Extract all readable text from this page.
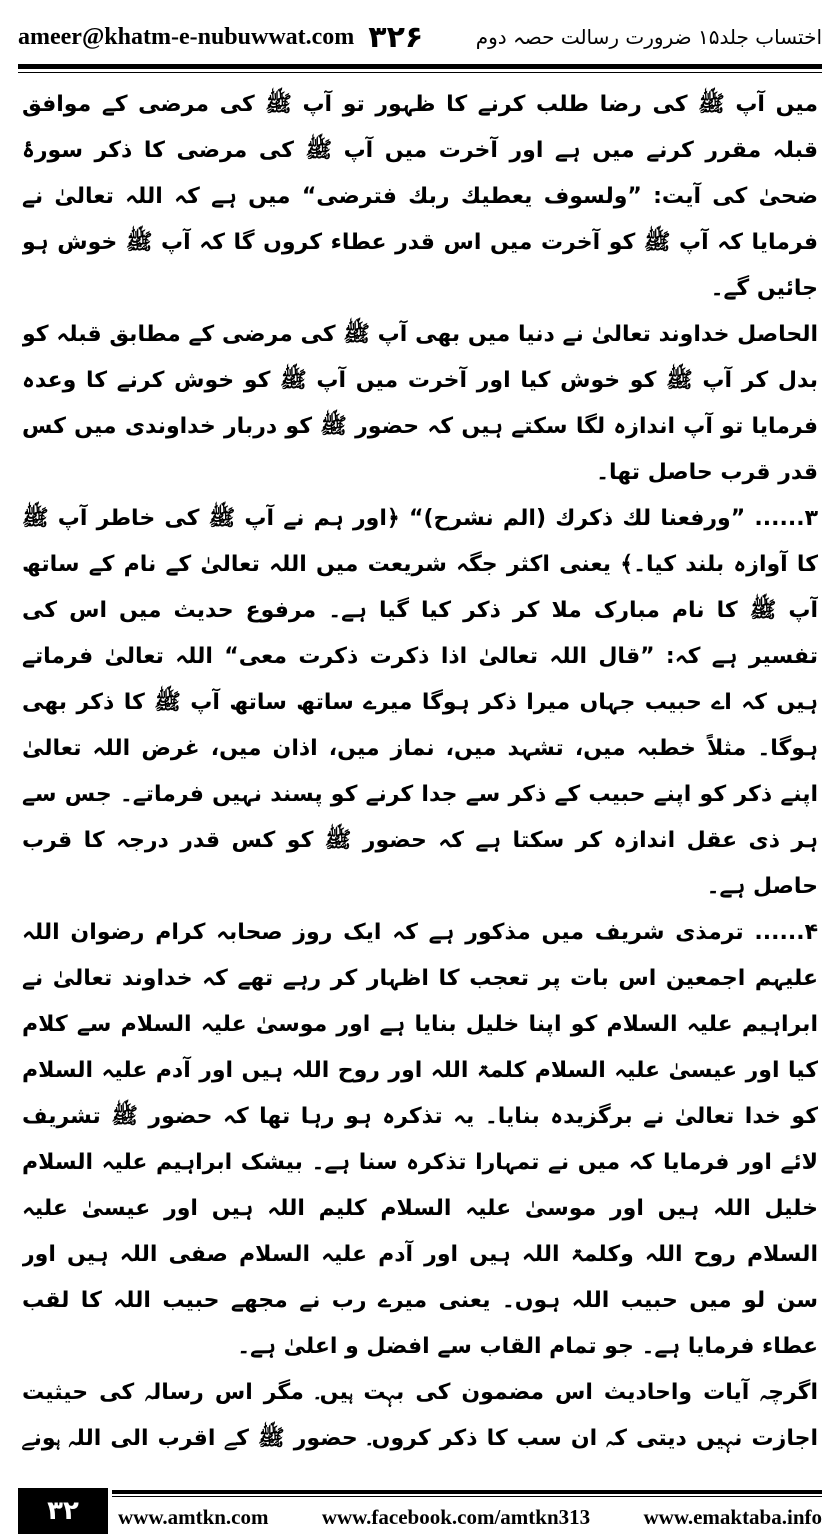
ameer@khatm-e-nubuwwat.com ۳۲۶	اختساب جلد۱۵ ضرورت رسالت حصہ دوم

میں آپ ﷺ کی رضا طلب کرنے کا ظہور تو آپ ﷺ کی مرضی کے موافق قبلہ مقرر کرنے میں ہے اور آخرت میں آپ ﷺ کی مرضی کا ذکر سورۂ ضحیٰ کی آیت: ”ولسوف یعطیك ربك فترضی“ میں ہے کہ اللہ تعالیٰ نے فرمایا کہ آپ ﷺ کو آخرت میں اس قدر عطاء کروں گا کہ آپ ﷺ خوش ہو جائیں گے۔

الحاصل خداوند تعالیٰ نے دنیا میں بھی آپ ﷺ کی مرضی کے مطابق قبلہ کو بدل کر آپ ﷺ کو خوش کیا اور آخرت میں آپ ﷺ کو خوش کرنے کا وعدہ فرمایا تو آپ اندازہ لگا سکتے ہیں کہ حضور ﷺ کو دربار خداوندی میں کس قدر قرب حاصل تھا۔

۳...... ”ورفعنا لك ذكرك (الم نشرح)“ ﴿اور ہم نے آپ ﷺ کی خاطر آپ ﷺ کا آوازہ بلند کیا۔﴾ یعنی اکثر جگہ شریعت میں اللہ تعالیٰ کے نام کے ساتھ آپ ﷺ کا نام مبارک ملا کر ذکر کیا گیا ہے۔ مرفوع حدیث میں اس کی تفسیر ہے کہ: ”قال اللہ تعالیٰ اذا ذکرت ذکرت معی“ اللہ تعالیٰ فرماتے ہیں کہ اے حبیب جہاں میرا ذکر ہوگا میرے ساتھ ساتھ آپ ﷺ کا ذکر بھی ہوگا۔ مثلاً خطبہ میں، تشہد میں، نماز میں، اذان میں، غرض اللہ تعالیٰ اپنے ذکر کو اپنے حبیب کے ذکر سے جدا کرنے کو پسند نہیں فرماتے۔ جس سے ہر ذی عقل اندازہ کر سکتا ہے کہ حضور ﷺ کو کس قدر درجہ کا قرب حاصل ہے۔

۴...... ترمذی شریف میں مذکور ہے کہ ایک روز صحابہ کرام رضوان اللہ علیہم اجمعین اس بات پر تعجب کا اظہار کر رہے تھے کہ خداوند تعالیٰ نے ابراہیم علیہ السلام کو اپنا خلیل بنایا ہے اور موسیٰ علیہ السلام سے کلام کیا اور عیسیٰ علیہ السلام کلمۃ اللہ اور روح اللہ ہیں اور آدم علیہ السلام کو خدا تعالیٰ نے برگزیدہ بنایا۔ یہ تذکرہ ہو رہا تھا کہ حضور ﷺ تشریف لائے اور فرمایا کہ میں نے تمہارا تذکرہ سنا ہے۔ بیشک ابراہیم علیہ السلام خلیل اللہ ہیں اور موسیٰ علیہ السلام کلیم اللہ ہیں اور عیسیٰ علیہ السلام روح اللہ وکلمۃ اللہ ہیں اور آدم علیہ السلام صفی اللہ ہیں اور سن لو میں حبیب اللہ ہوں۔ یعنی میرے رب نے مجھے حبیب اللہ کا لقب عطاء فرمایا ہے۔ جو تمام القاب سے افضل و اعلیٰ ہے۔

اگرچہ آیات واحادیث اس مضمون کی بہت ہیں۔ مگر اس رسالہ کی حیثیت اجازت نہیں دیتی کہ ان سب کا ذکر کروں۔ حضور ﷺ کے اقرب الی اللہ ہونے

۳۲	www.amtkn.com	www.facebook.com/amtkn313	www.emaktaba.info
